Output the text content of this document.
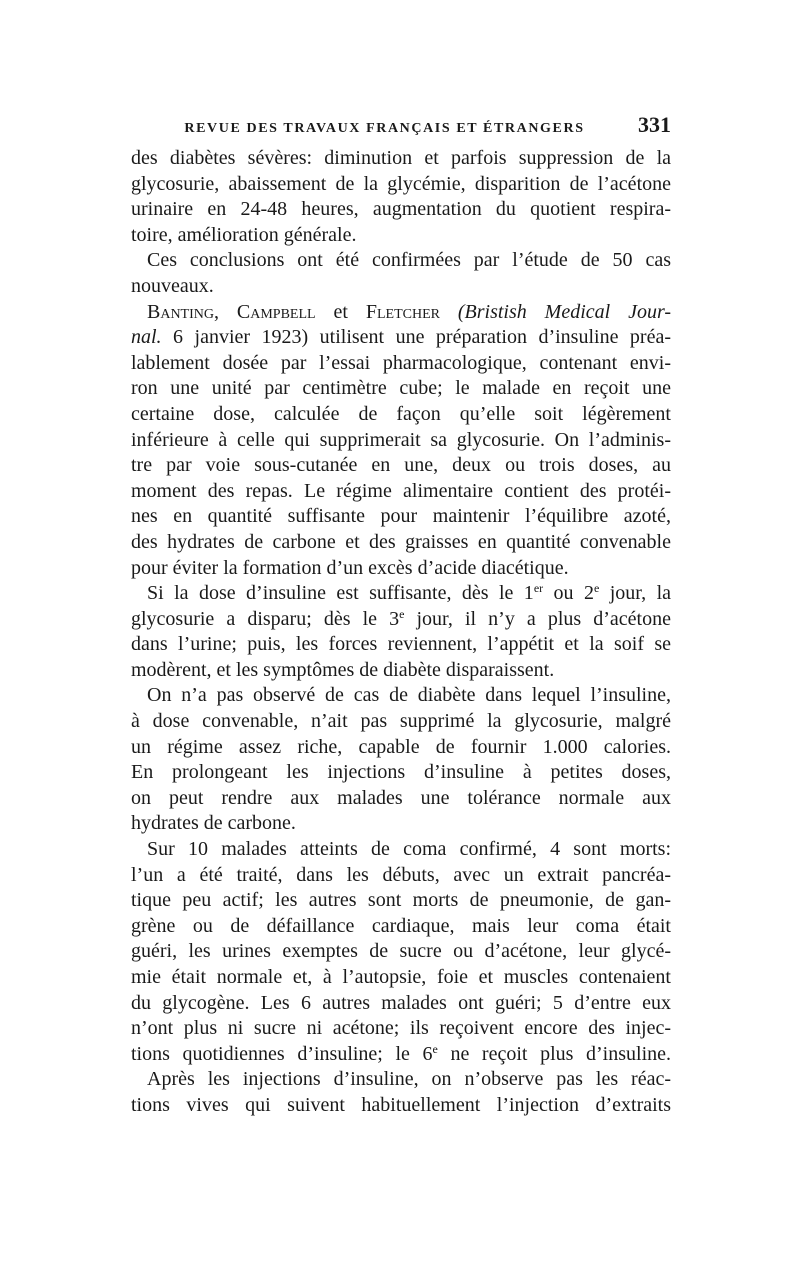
REVUE DES TRAVAUX FRANÇAIS ET ÉTRANGERS	331
des diabètes sévères: diminution et parfois suppression de la
glycosurie, abaissement de la glycémie, disparition de l’acétone
urinaire en 24-48 heures, augmentation du quotient respira-
toire, amélioration générale.
Ces conclusions ont été confirmées par l’étude de 50 cas
nouveaux.
Banting, Campbell et Fletcher (Bristish Medical Jour-
nal. 6 janvier 1923) utilisent une préparation d’insuline préa-
lablement dosée par l’essai pharmacologique, contenant envi-
ron une unité par centimètre cube; le malade en reçoit une
certaine dose, calculée de façon qu’elle soit légèrement
inférieure à celle qui supprimerait sa glycosurie. On l’adminis-
tre par voie sous-cutanée en une, deux ou trois doses, au
moment des repas. Le régime alimentaire contient des protéi-
nes en quantité suffisante pour maintenir l’équilibre azoté,
des hydrates de carbone et des graisses en quantité convenable
pour éviter la formation d’un excès d’acide diacétique.
Si la dose d’insuline est suffisante, dès le 1er ou 2e jour, la
glycosurie a disparu; dès le 3e jour, il n’y a plus d’acétone
dans l’urine; puis, les forces reviennent, l’appétit et la soif se
modèrent, et les symptômes de diabète disparaissent.
On n’a pas observé de cas de diabète dans lequel l’insuline,
à dose convenable, n’ait pas supprimé la glycosurie, malgré
un régime assez riche, capable de fournir 1.000 calories.
En prolongeant les injections d’insuline à petites doses,
on peut rendre aux malades une tolérance normale aux
hydrates de carbone.
Sur 10 malades atteints de coma confirmé, 4 sont morts:
l’un a été traité, dans les débuts, avec un extrait pancréa-
tique peu actif; les autres sont morts de pneumonie, de gan-
grène ou de défaillance cardiaque, mais leur coma était
guéri, les urines exemptes de sucre ou d’acétone, leur glycé-
mie était normale et, à l’autopsie, foie et muscles contenaient
du glycogène. Les 6 autres malades ont guéri; 5 d’entre eux
n’ont plus ni sucre ni acétone; ils reçoivent encore des injec-
tions quotidiennes d’insuline; le 6e ne reçoit plus d’insuline.
Après les injections d’insuline, on n’observe pas les réac-
tions vives qui suivent habituellement l’injection d’extraits
